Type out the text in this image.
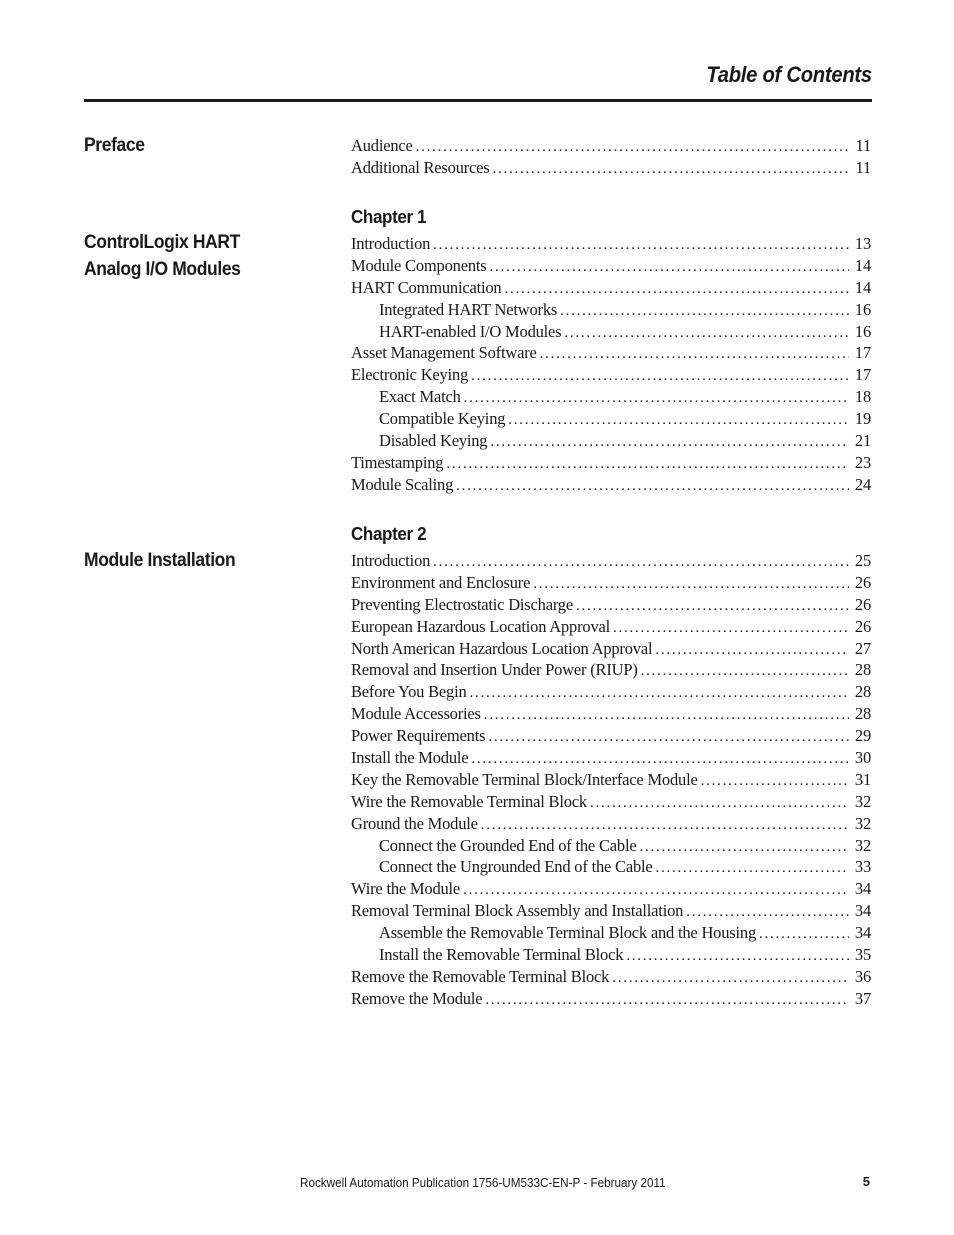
Table of Contents
Preface	Audience . . .	11
Additional Resources . . .	11
Chapter 1
ControlLogix HART
Analog I/O Modules
Introduction . . .	13
Module Components . . .	14
HART Communication . . .	14
Integrated HART Networks . . .	16
HART-enabled I/O Modules . . .	16
Asset Management Software . . .	17
Electronic Keying . . .	17
Exact Match . . .	18
Compatible Keying . . .	19
Disabled Keying . . .	21
Timestamping . . .	23
Module Scaling . . .	24
Chapter 2
Module Installation	Introduction . . .	25
Environment and Enclosure . . .	26
Preventing Electrostatic Discharge . . .	26
European Hazardous Location Approval . . .	26
North American Hazardous Location Approval . . .	27
Removal and Insertion Under Power (RIUP) . . .	28
Before You Begin . . .	28
Module Accessories . . .	28
Power Requirements . . .	29
Install the Module . . .	30
Key the Removable Terminal Block/Interface Module . . .	31
Wire the Removable Terminal Block . . .	32
Ground the Module . . .	32
Connect the Grounded End of the Cable . . .	32
Connect the Ungrounded End of the Cable . . .	33
Wire the Module . . .	34
Removal Terminal Block Assembly and Installation . . .	34
Assemble the Removable Terminal Block and the Housing . . .	34
Install the Removable Terminal Block . . .	35
Remove the Removable Terminal Block . . .	36
Remove the Module . . .	37
Rockwell Automation Publication 1756-UM533C-EN-P - February 2011	5
